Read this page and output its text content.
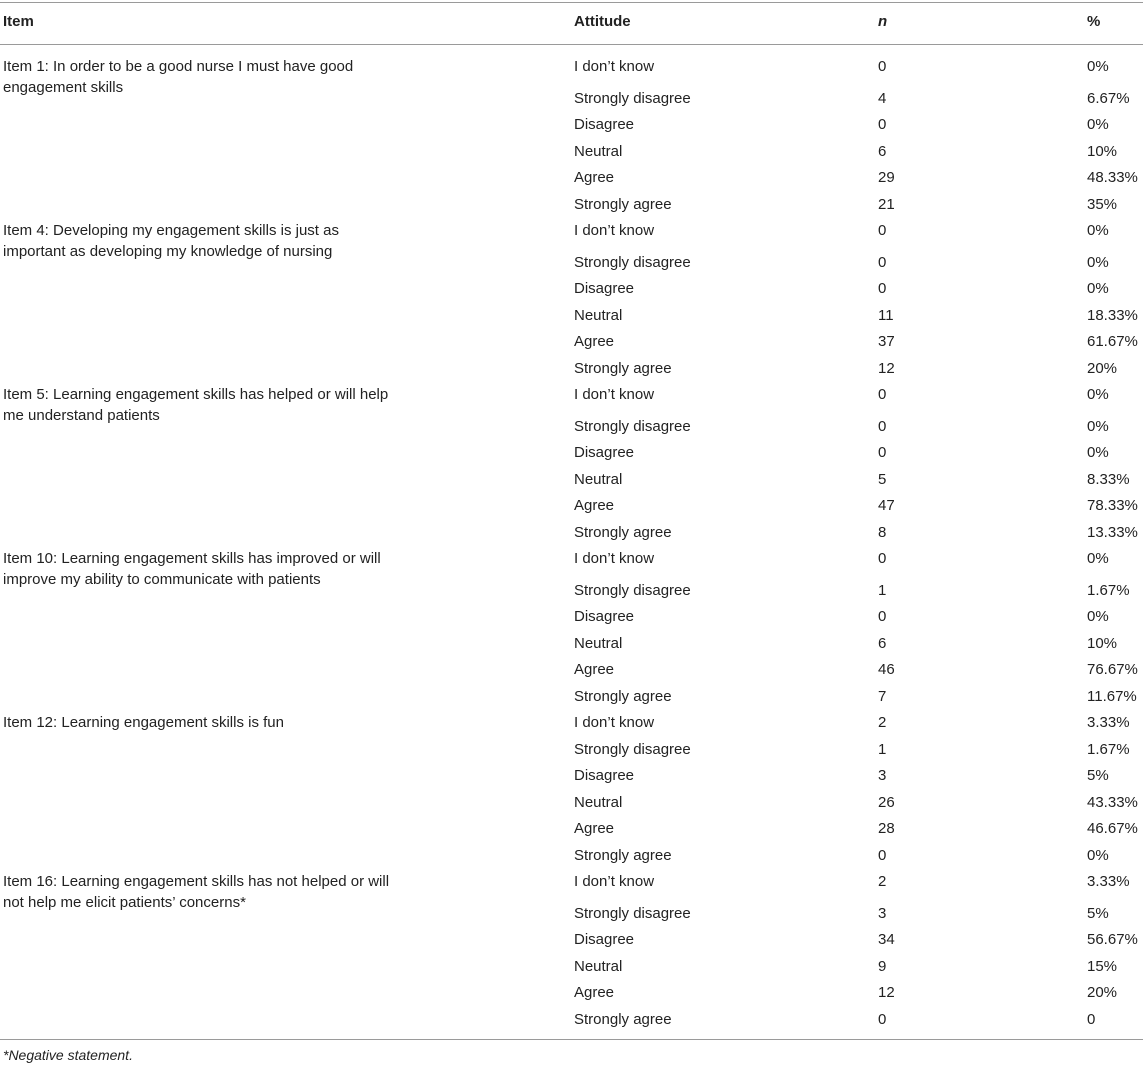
Item	Attitude	n	%
Item 1: In order to be a good nurse I must have good engagement skills
I don’t know	0	0%
Strongly disagree	4	6.67%
Disagree	0	0%
Neutral	6	10%
Agree	29	48.33%
Strongly agree	21	35%
Item 4: Developing my engagement skills is just as important as developing my knowledge of nursing
I don’t know	0	0%
Strongly disagree	0	0%
Disagree	0	0%
Neutral	11	18.33%
Agree	37	61.67%
Strongly agree	12	20%
Item 5: Learning engagement skills has helped or will help me understand patients
I don’t know	0	0%
Strongly disagree	0	0%
Disagree	0	0%
Neutral	5	8.33%
Agree	47	78.33%
Strongly agree	8	13.33%
Item 10: Learning engagement skills has improved or will improve my ability to communicate with patients
I don’t know	0	0%
Strongly disagree	1	1.67%
Disagree	0	0%
Neutral	6	10%
Agree	46	76.67%
Strongly agree	7	11.67%
Item 12: Learning engagement skills is fun	I don’t know	2	3.33%
Strongly disagree	1	1.67%
Disagree	3	5%
Neutral	26	43.33%
Agree	28	46.67%
Strongly agree	0	0%
Item 16: Learning engagement skills has not helped or will not help me elicit patients’ concerns*
I don’t know	2	3.33%
Strongly disagree	3	5%
Disagree	34	56.67%
Neutral	9	15%
Agree	12	20%
Strongly agree	0	0
*Negative statement.
